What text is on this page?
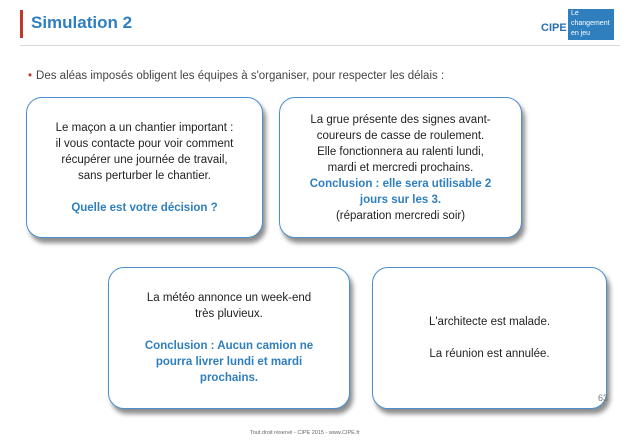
Simulation 2	CIPE
Le
changement
en jeu
• Des aléas imposés obligent les équipes à s'organiser, pour respecter les délais :

Le maçon a un chantier important :

il vous contacte pour voir comment

récupérer une journée de travail,

sans perturber le chantier.

Quelle est votre décision ?

La grue présente des signes avant-

coureurs de casse de roulement.

Elle fonctionnera au ralenti lundi,

mardi et mercredi prochains.

Conclusion : elle sera utilisable 2

jours sur les 3.

(réparation mercredi soir)

La météo annonce un week-end

très pluvieux.

Conclusion : Aucun camion ne

pourra livrer lundi et mardi

prochains.

L'architecte est malade.

La réunion est annulée.

63
Tout droit réservé - CIPE 2015 - www.CIPE.fr
